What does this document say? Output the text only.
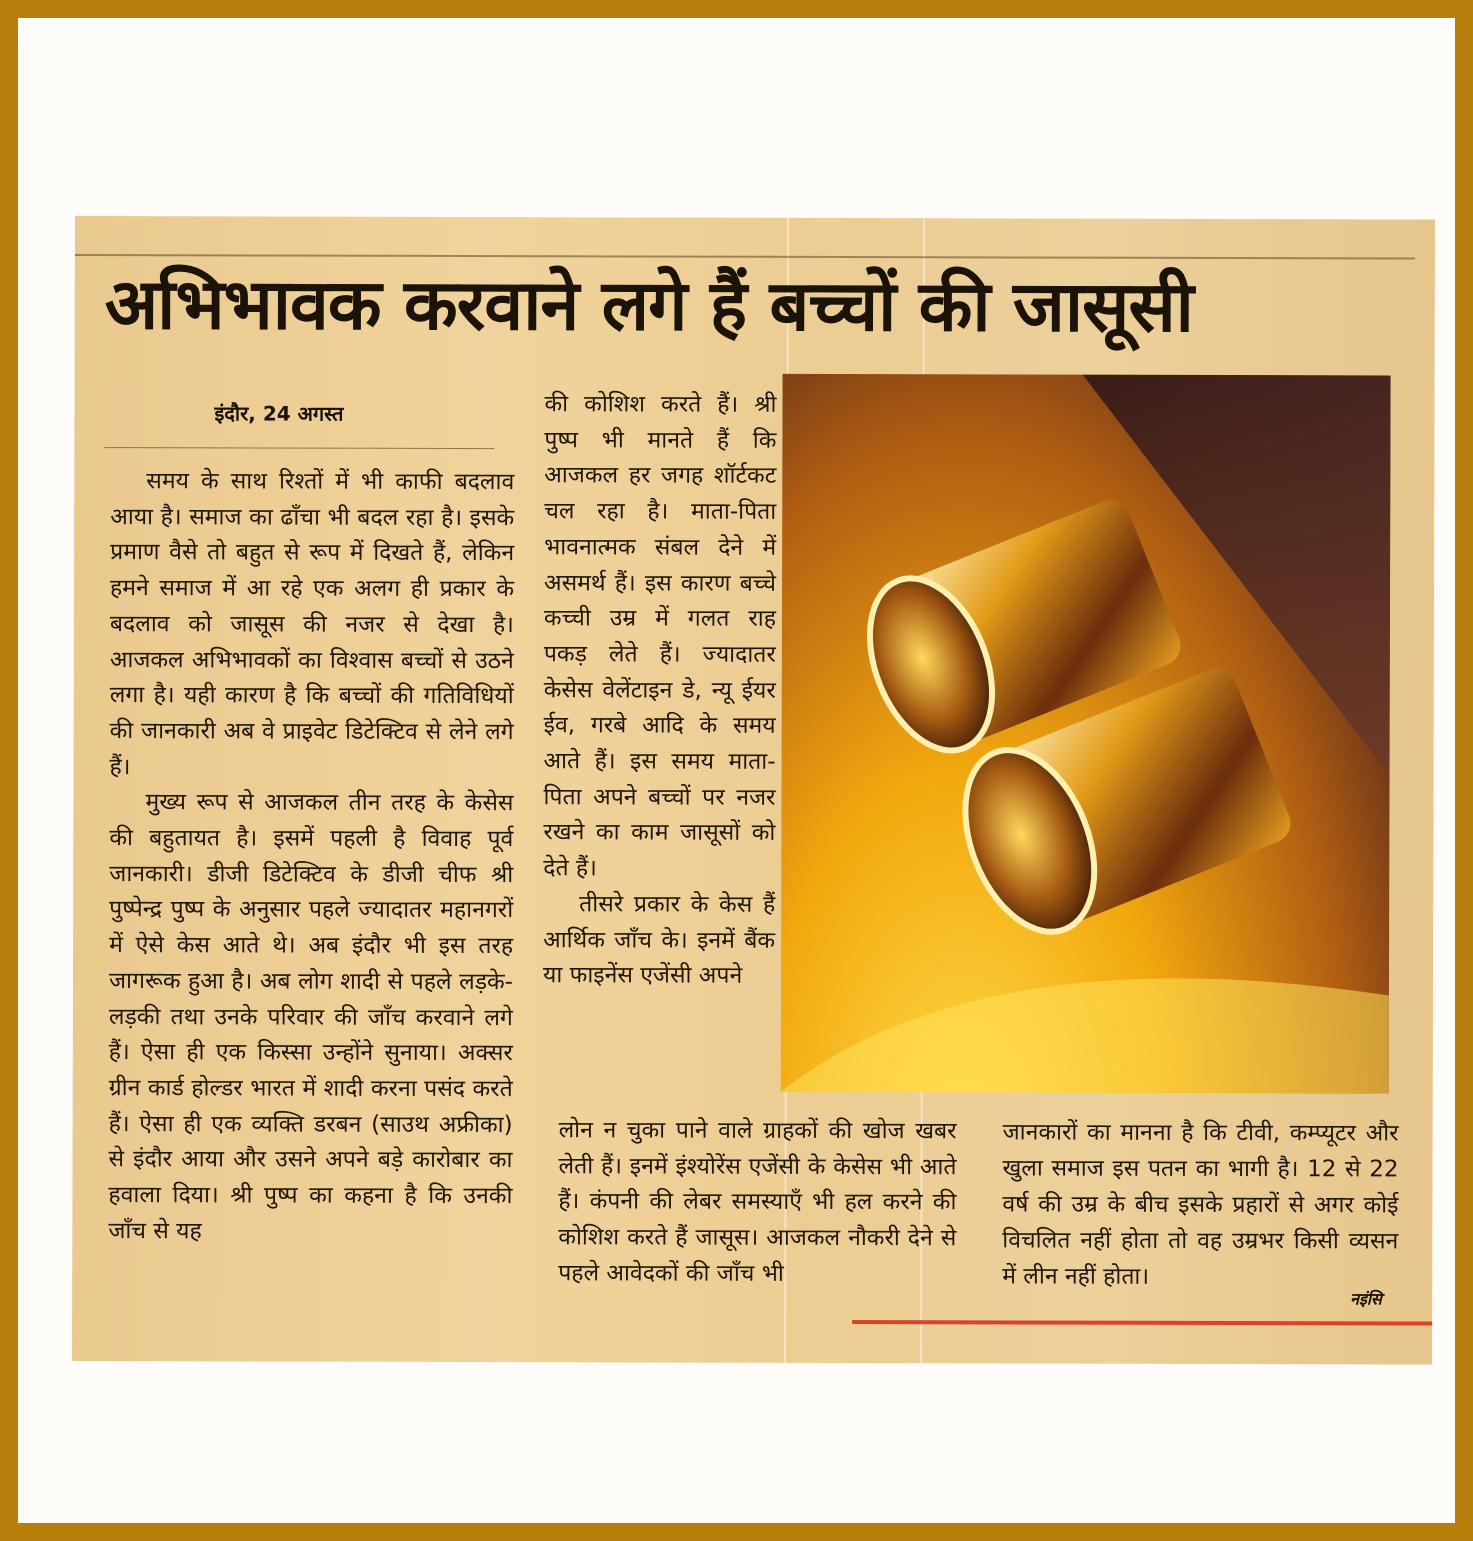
अभिभावक करवाने लगे हैं बच्चों की जासूसी
इंदौर, 24 अगस्त

समय के साथ रिश्तों में भी काफी बदलाव आया है। समाज का ढाँचा भी बदल रहा है। इसके प्रमाण वैसे तो बहुत से रूप में दिखते हैं, लेकिन हमने समाज में आ रहे एक अलग ही प्रकार के बदलाव को जासूस की नजर से देखा है। आजकल अभिभावकों का विश्वास बच्चों से उठने लगा है। यही कारण है कि बच्चों की गतिविधियों की जानकारी अब वे प्राइवेट डिटेक्टिव से लेने लगे हैं।

मुख्य रूप से आजकल तीन तरह के केसेस की बहुतायत है। इसमें पहली है विवाह पूर्व जानकारी। डीजी डिटेक्टिव के डीजी चीफ श्री पुष्पेन्द्र पुष्प के अनुसार पहले ज्यादातर महानगरों में ऐसे केस आते थे। अब इंदौर भी इस तरह जागरूक हुआ है। अब लोग शादी से पहले लड़के-लड़की तथा उनके परिवार की जाँच करवाने लगे हैं। ऐसा ही एक किस्सा उन्होंने सुनाया। अक्सर ग्रीन कार्ड होल्डर भारत में शादी करना पसंद करते हैं। ऐसा ही एक व्यक्ति डरबन (साउथ अफ्रीका) से इंदौर आया और उसने अपने बड़े कारोबार का हवाला दिया। श्री पुष्प का कहना है कि उनकी जाँच से यह

की कोशिश करते हैं। श्री पुष्प भी मानते हैं कि आजकल हर जगह शॉर्टकट चल रहा है। माता-पिता भावनात्मक संबल देने में असमर्थ हैं। इस कारण बच्चे कच्ची उम्र में गलत राह पकड़ लेते हैं। ज्यादातर केसेस वेलेंटाइन डे, न्यू ईयर ईव, गरबे आदि के समय आते हैं। इस समय माता-पिता अपने बच्चों पर नजर रखने का काम जासूसों को देते हैं।

तीसरे प्रकार के केस हैं आर्थिक जाँच के। इनमें बैंक या फाइनेंस एजेंसी अपने

लोन न चुका पाने वाले ग्राहकों की खोज खबर लेती हैं। इनमें इंश्योरेंस एजेंसी के केसेस भी आते हैं। कंपनी की लेबर समस्याएँ भी हल करने की कोशिश करते हैं जासूस। आजकल नौकरी देने से पहले आवेदकों की जाँच भी

जानकारों का मानना है कि टीवी, कम्प्यूटर और खुला समाज इस पतन का भागी है। 12 से 22 वर्ष की उम्र के बीच इसके प्रहारों से अगर कोई विचलित नहीं होता तो वह उम्रभर किसी व्यसन में लीन नहीं होता।

नइंसि
